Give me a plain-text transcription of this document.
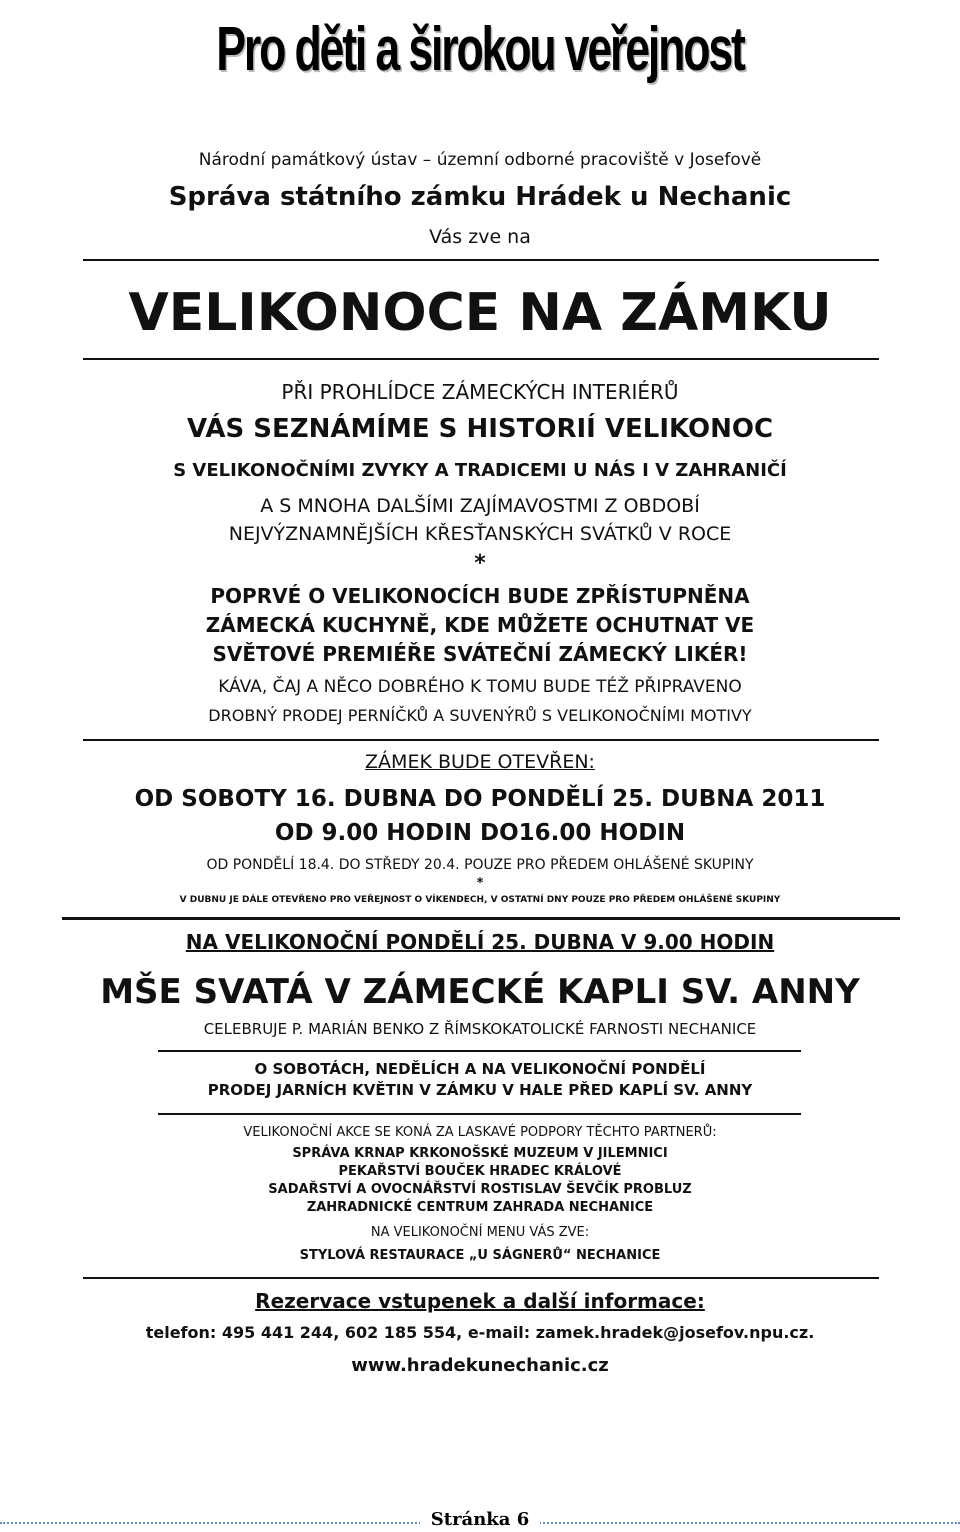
Pro děti a širokou veřejnost
Národní památkový ústav – územní odborné pracoviště v Josefově
Správa státního zámku Hrádek u Nechanic
Vás zve na
VELIKONOCE NA ZÁMKU
PŘI PROHLÍDCE ZÁMECKÝCH INTERIÉRŮ
VÁS SEZNÁMÍME S HISTORIÍ VELIKONOC
S VELIKONOČNÍMI ZVYKY A TRADICEMI U NÁS I V ZAHRANIČÍ
A S MNOHA DALŠÍMI ZAJÍMAVOSTMI Z OBDOBÍ
NEJVÝZNAMNĚJŠÍCH KŘESŤANSKÝCH SVÁTKŮ V ROCE
*
POPRVÉ O VELIKONOCÍCH BUDE ZPŘÍSTUPNĚNA
ZÁMECKÁ KUCHYNĚ, KDE MŮŽETE OCHUTNAT VE
SVĚTOVÉ PREMIÉŘE SVÁTEČNÍ ZÁMECKÝ LIKÉR!
KÁVA, ČAJ A NĚCO DOBRÉHO K TOMU BUDE TÉŽ PŘIPRAVENO
DROBNÝ PRODEJ PERNÍČKŮ A SUVENÝRŮ S VELIKONOČNÍMI MOTIVY
ZÁMEK BUDE OTEVŘEN:
OD SOBOTY 16. DUBNA DO PONDĚLÍ 25. DUBNA 2011
OD 9.00 HODIN DO16.00 HODIN
OD PONDĚLÍ 18.4. DO STŘEDY 20.4. POUZE PRO PŘEDEM OHLÁŠENÉ SKUPINY
*
V DUBNU JE DÁLE OTEVŘENO PRO VEŘEJNOST O VÍKENDECH, V OSTATNÍ DNY POUZE PRO PŘEDEM OHLÁŠENÉ SKUPINY
NA VELIKONOČNÍ PONDĚLÍ 25. DUBNA V 9.00 HODIN
MŠE SVATÁ V ZÁMECKÉ KAPLI SV. ANNY
CELEBRUJE P. MARIÁN BENKO Z ŘÍMSKOKATOLICKÉ FARNOSTI NECHANICE
O SOBOTÁCH, NEDĚLÍCH A NA VELIKONOČNÍ PONDĚLÍ
PRODEJ JARNÍCH KVĚTIN V ZÁMKU V HALE PŘED KAPLÍ SV. ANNY
VELIKONOČNÍ AKCE SE KONÁ ZA LASKAVÉ PODPORY TĚCHTO PARTNERŮ:
SPRÁVA KRNAP KRKONOŠSKÉ MUZEUM V JILEMNICI
PEKAŘSTVÍ BOUČEK HRADEC KRÁLOVÉ
SADAŘSTVÍ A OVOCNÁŘSTVÍ ROSTISLAV ŠEVČÍK PROBLUZ
ZAHRADNICKÉ CENTRUM ZAHRADA NECHANICE
NA VELIKONOČNÍ MENU VÁS ZVE:
STYLOVÁ RESTAURACE „U SÁGNERŮ“ NECHANICE
Rezervace vstupenek a další informace:
telefon: 495 441 244, 602 185 554, e-mail: zamek.hradek@josefov.npu.cz.
www.hradekunechanic.cz
Stránka 6
